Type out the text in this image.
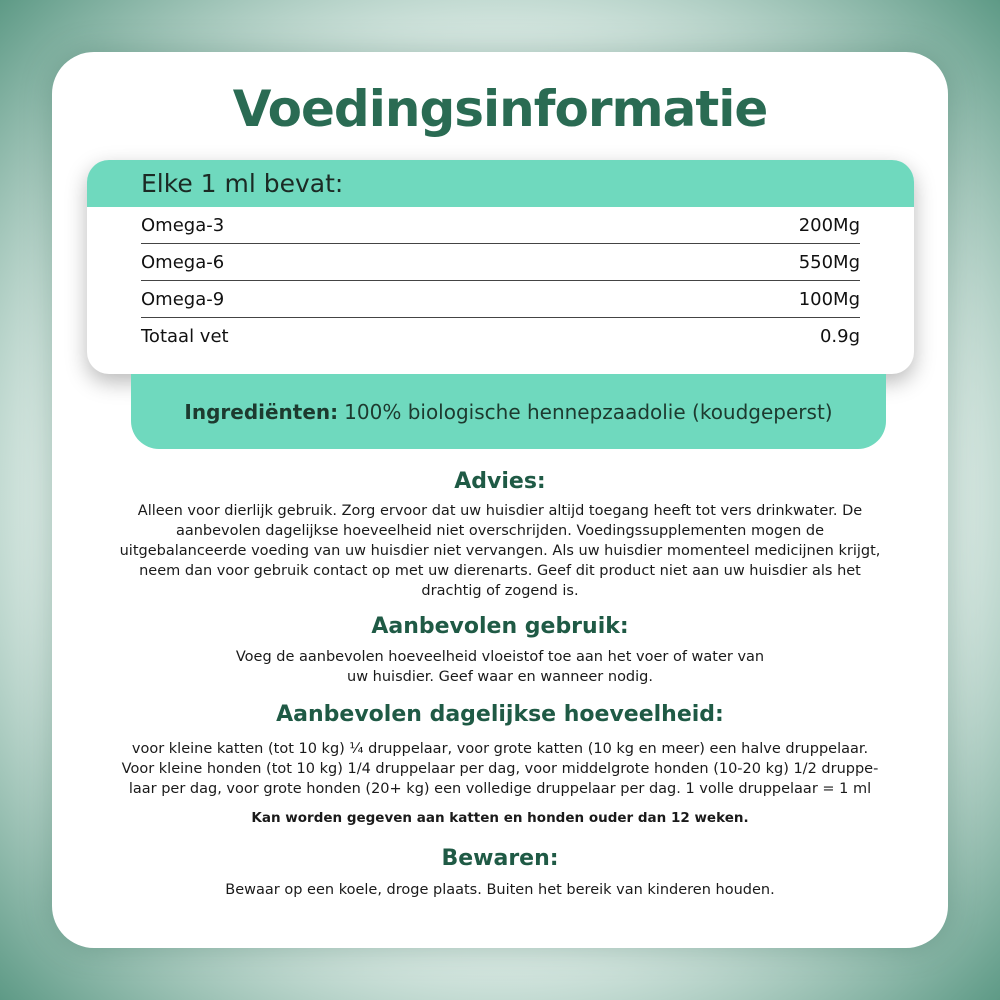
Voedingsinformatie
Elke 1 ml bevat:
Omega-3	200Mg
Omega-6	550Mg
Omega-9	100Mg
Totaal vet	0.9g
Ingrediënten: 100% biologische hennepzaadolie (koudgeperst)
Advies:

Alleen voor dierlijk gebruik. Zorg ervoor dat uw huisdier altijd toegang heeft tot vers drinkwater. De
aanbevolen dagelijkse hoeveelheid niet overschrijden. Voedingssupplementen mogen de
uitgebalanceerde voeding van uw huisdier niet vervangen. Als uw huisdier momenteel medicijnen krijgt,
neem dan voor gebruik contact op met uw dierenarts. Geef dit product niet aan uw huisdier als het
drachtig of zogend is.

Aanbevolen gebruik:

Voeg de aanbevolen hoeveelheid vloeistof toe aan het voer of water van
uw huisdier. Geef waar en wanneer nodig.

Aanbevolen dagelijkse hoeveelheid:

voor kleine katten (tot 10 kg) ¼ druppelaar, voor grote katten (10 kg en meer) een halve druppelaar.
Voor kleine honden (tot 10 kg) 1/4 druppelaar per dag, voor middelgrote honden (10-20 kg) 1/2 druppe-
laar per dag, voor grote honden (20+ kg) een volledige druppelaar per dag. 1 volle druppelaar = 1 ml

Kan worden gegeven aan katten en honden ouder dan 12 weken.

Bewaren:

Bewaar op een koele, droge plaats. Buiten het bereik van kinderen houden.
